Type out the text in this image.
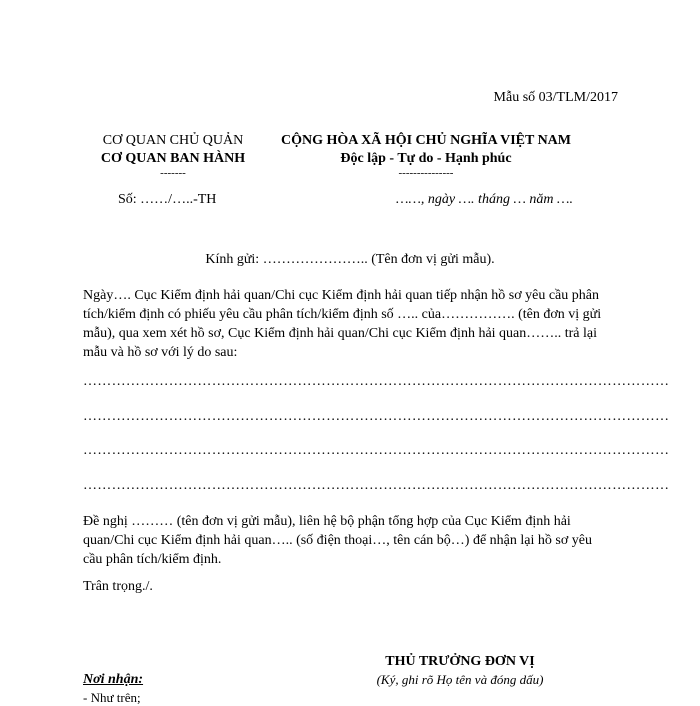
Mẫu số 03/TLM/2017
CƠ QUAN CHỦ QUẢN
CƠ QUAN BAN HÀNH
-------
CỘNG HÒA XÃ HỘI CHỦ NGHĨA VIỆT NAM
Độc lập - Tự do - Hạnh phúc
---------------
Số: ……/…..-TH	……, ngày …. tháng … năm ….
Kính gửi: ………………….. (Tên đơn vị gửi mẫu).
Ngày…. Cục Kiểm định hải quan/Chi cục Kiểm định hải quan tiếp nhận hồ sơ yêu cầu phân tích/kiểm định có phiếu yêu cầu phân tích/kiểm định số ….. của……………. (tên đơn vị gửi mẫu), qua xem xét hồ sơ, Cục Kiểm định hải quan/Chi cục Kiểm định hải quan…….. trả lại mẫu và hồ sơ với lý do sau:
……………………………………………………………………………………………………………
……………………………………………………………………………………………………………
……………………………………………………………………………………………………………
……………………………………………………………………………………………………………
Đề nghị ……… (tên đơn vị gửi mẫu), liên hệ bộ phận tổng hợp của Cục Kiểm định hải quan/Chi cục Kiểm định hải quan….. (số điện thoại…, tên cán bộ…) để nhận lại hồ sơ yêu cầu phân tích/kiểm định.
Trân trọng./.
THỦ TRƯỞNG ĐƠN VỊ
(Ký, ghi rõ Họ tên và đóng dấu)
Nơi nhận:
- Như trên;
